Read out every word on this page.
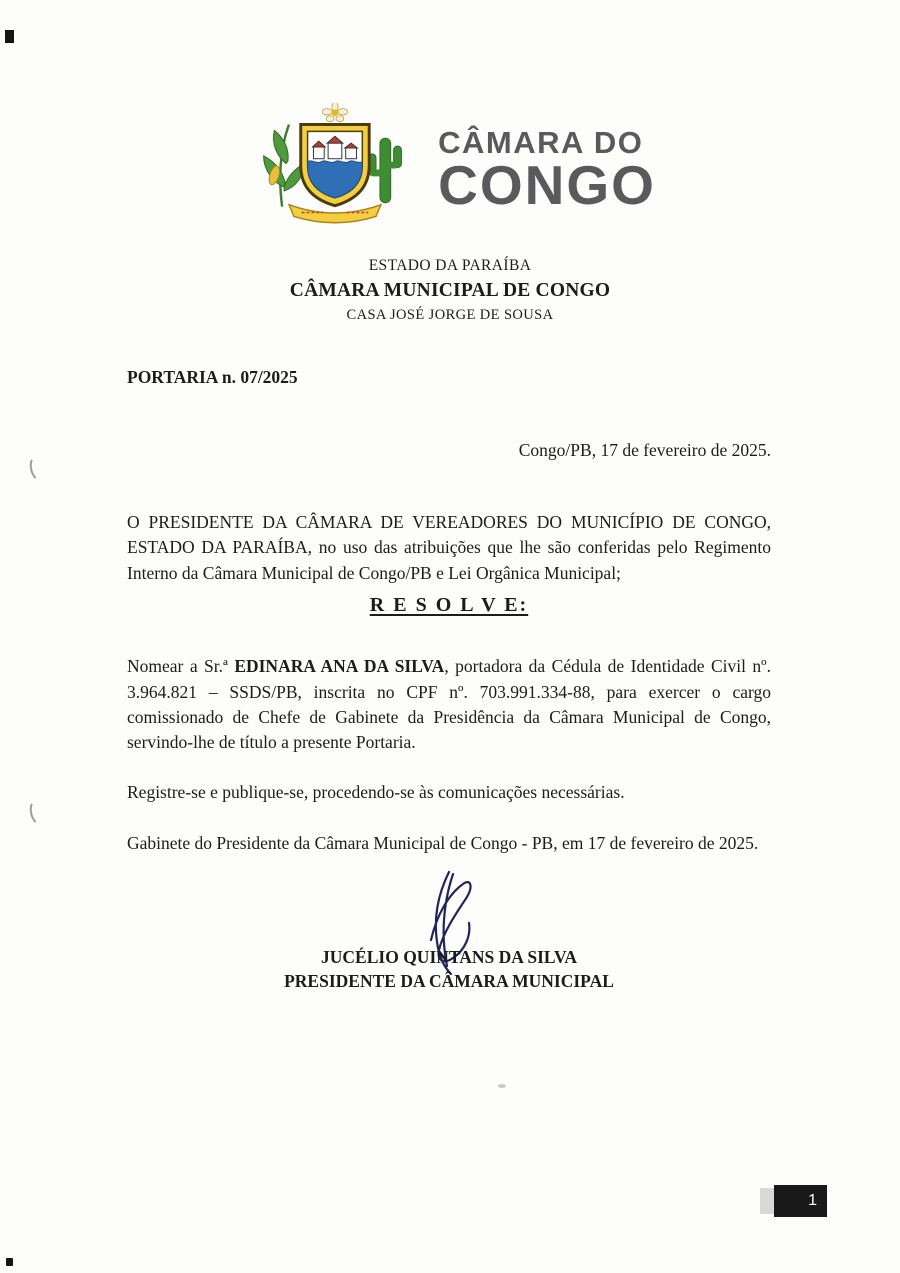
CÂMARA DO
CONGO
ESTADO DA PARAÍBA
CÂMARA MUNICIPAL DE CONGO
CASA JOSÉ JORGE DE SOUSA

PORTARIA n. 07/2025

Congo/PB, 17 de fevereiro de 2025.

O PRESIDENTE DA CÂMARA DE VEREADORES DO MUNICÍPIO DE CONGO, ESTADO DA PARAÍBA, no uso das atribuições que lhe são conferidas pelo Regimento Interno da Câmara Municipal de Congo/PB e Lei Orgânica Municipal;

R E S O L V E:

Nomear a Sr.ª EDINARA ANA DA SILVA, portadora da Cédula de Identidade Civil nº. 3.964.821 – SSDS/PB, inscrita no CPF nº. 703.991.334-88, para exercer o cargo comissionado de Chefe de Gabinete da Presidência da Câmara Municipal de Congo, servindo-lhe de título a presente Portaria.

Registre-se e publique-se, procedendo-se às comunicações necessárias.

Gabinete do Presidente da Câmara Municipal de Congo - PB, em 17 de fevereiro de 2025.

JUCÉLIO QUINTANS DA SILVA
PRESIDENTE DA CÂMARA MUNICIPAL
1
